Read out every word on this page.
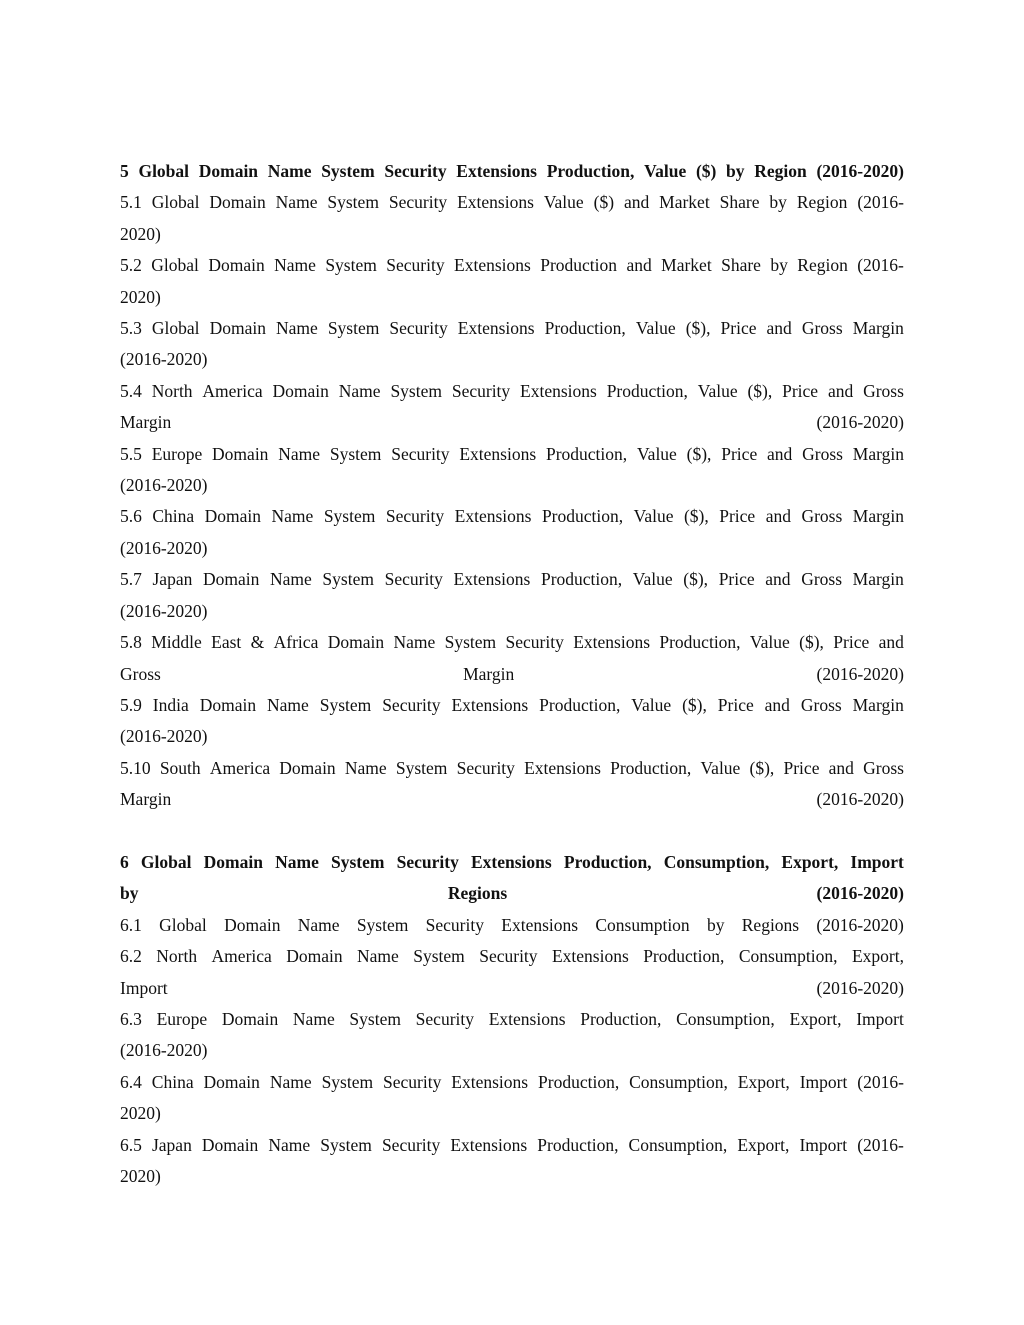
5 Global Domain Name System Security Extensions Production, Value ($) by Region (2016-2020)
5.1 Global Domain Name System Security Extensions Value ($) and Market Share by Region (2016-
2020)
5.2 Global Domain Name System Security Extensions Production and Market Share by Region (2016-
2020)
5.3 Global Domain Name System Security Extensions Production, Value ($), Price and Gross Margin
(2016-2020)
5.4 North America Domain Name System Security Extensions Production, Value ($), Price and Gross
Margin	(2016-2020)
5.5 Europe Domain Name System Security Extensions Production, Value ($), Price and Gross Margin
(2016-2020)
5.6 China Domain Name System Security Extensions Production, Value ($), Price and Gross Margin
(2016-2020)
5.7 Japan Domain Name System Security Extensions Production, Value ($), Price and Gross Margin
(2016-2020)
5.8 Middle East & Africa Domain Name System Security Extensions Production, Value ($), Price and
Gross	Margin	(2016-2020)
5.9 India Domain Name System Security Extensions Production, Value ($), Price and Gross Margin
(2016-2020)
5.10 South America Domain Name System Security Extensions Production, Value ($), Price and Gross
Margin	(2016-2020)
6 Global Domain Name System Security Extensions Production, Consumption, Export, Import
by	Regions	(2016-2020)
6.1 Global Domain Name System Security Extensions Consumption by Regions (2016-2020)
6.2 North America Domain Name System Security Extensions Production, Consumption, Export,
Import	(2016-2020)
6.3 Europe Domain Name System Security Extensions Production, Consumption, Export, Import
(2016-2020)
6.4 China Domain Name System Security Extensions Production, Consumption, Export, Import (2016-
2020)
6.5 Japan Domain Name System Security Extensions Production, Consumption, Export, Import (2016-
2020)
